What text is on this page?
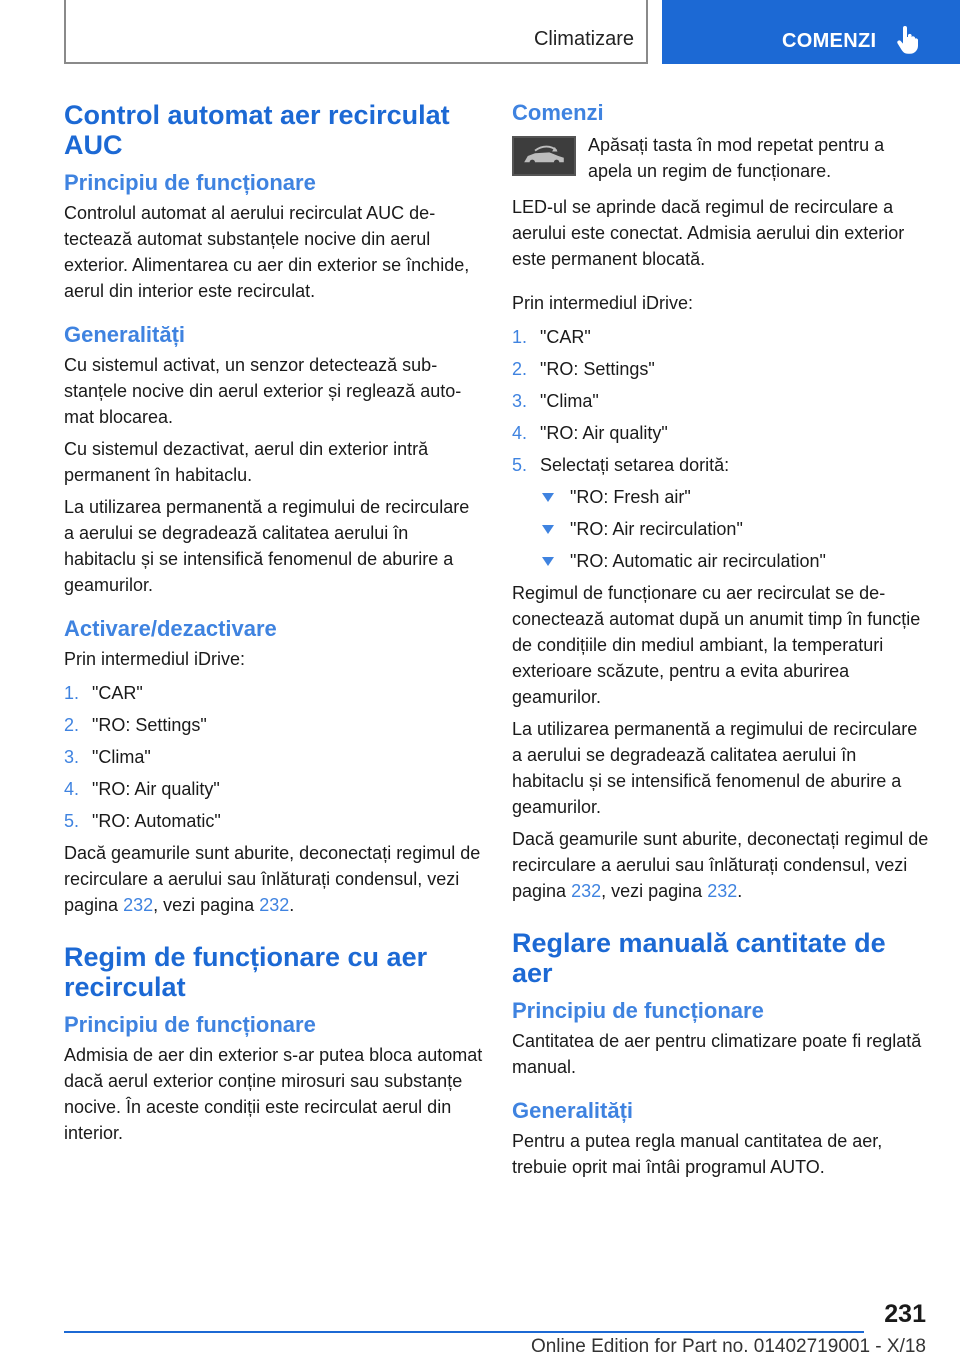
Climatizare	COMENZI
Control automat aer recirculat AUC
Principiu de funcționare
Controlul automat al aerului recirculat AUC detectează automat substanțele nocive din aerul exterior. Alimentarea cu aer din exterior se închide, aerul din interior este recirculat.
Generalități
Cu sistemul activat, un senzor detectează substanțele nocive din aerul exterior și reglează automat blocarea.
Cu sistemul dezactivat, aerul din exterior intră permanent în habitaclu.
La utilizarea permanentă a regimului de recirculare a aerului se degradează calitatea aerului în habitaclu și se intensifică fenomenul de aburire a geamurilor.
Activare/dezactivare
Prin intermediul iDrive:
1. "CAR"
2. "RO: Settings"
3. "Clima"
4. "RO: Air quality"
5. "RO: Automatic"
Dacă geamurile sunt aburite, deconectați regimul de recirculare a aerului sau înlăturați condensul, vezi pagina 232, vezi pagina 232.
Regim de funcționare cu aer recirculat
Principiu de funcționare
Admisia de aer din exterior s-ar putea bloca automat dacă aerul exterior conține mirosuri sau substanțe nocive. În aceste condiții este recirculat aerul din interior.
Comenzi
Apăsați tasta în mod repetat pentru a apela un regim de funcționare.
LED-ul se aprinde dacă regimul de recirculare a aerului este conectat. Admisia aerului din exterior este permanent blocată.
Prin intermediul iDrive:
1. "CAR"
2. "RO: Settings"
3. "Clima"
4. "RO: Air quality"
5. Selectați setarea dorită:
"RO: Fresh air"
"RO: Air recirculation"
"RO: Automatic air recirculation"
Regimul de funcționare cu aer recirculat se deconectează automat după un anumit timp în funcție de condițiile din mediul ambiant, la temperaturi exterioare scăzute, pentru a evita aburirea geamurilor.
La utilizarea permanentă a regimului de recirculare a aerului se degradează calitatea aerului în habitaclu și se intensifică fenomenul de aburire a geamurilor.
Dacă geamurile sunt aburite, deconectați regimul de recirculare a aerului sau înlăturați condensul, vezi pagina 232, vezi pagina 232.
Reglare manuală cantitate de aer
Principiu de funcționare
Cantitatea de aer pentru climatizare poate fi reglată manual.
Generalități
Pentru a putea regla manual cantitatea de aer, trebuie oprit mai întâi programul AUTO.
231
Online Edition for Part no. 01402719001 - X/18
